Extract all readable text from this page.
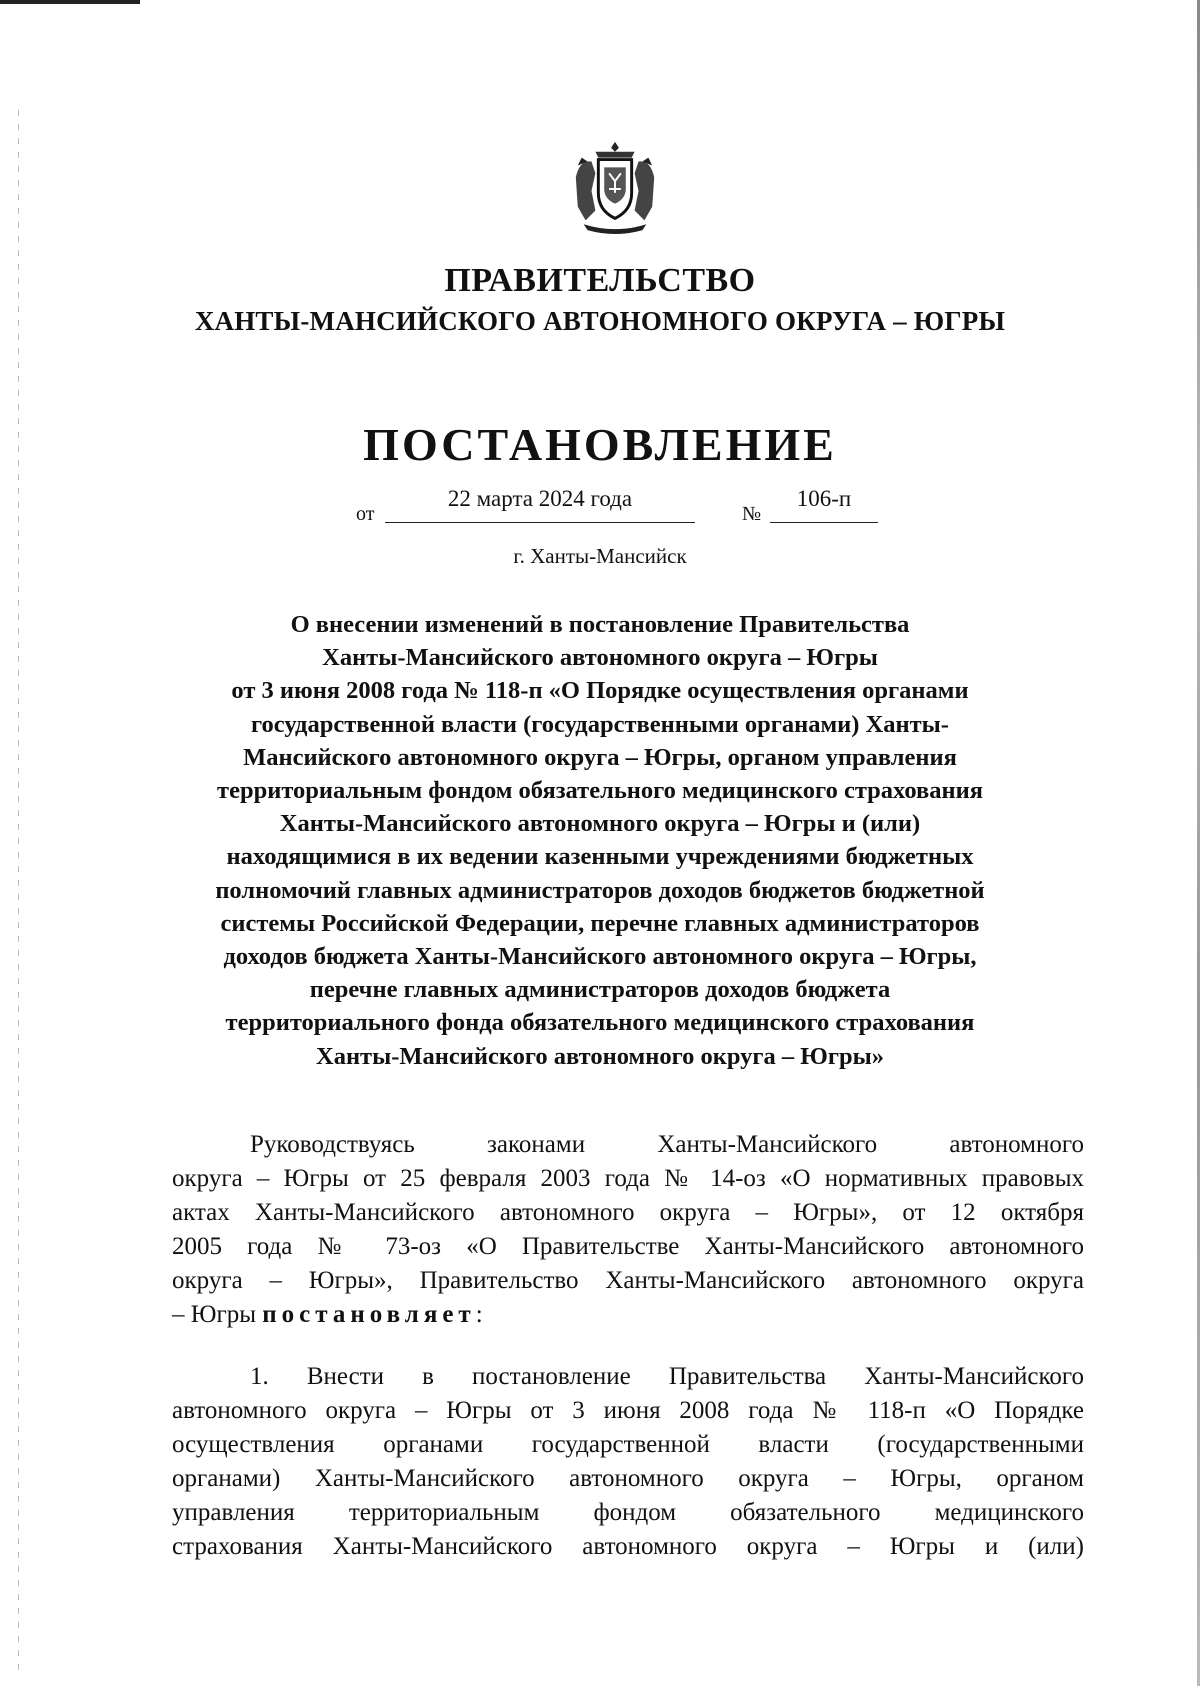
ПРАВИТЕЛЬСТВО
ХАНТЫ-МАНСИЙСКОГО АВТОНОМНОГО ОКРУГА – ЮГРЫ
ПОСТАНОВЛЕНИЕ
от
22 марта 2024 года
№
106-п
г. Ханты-Мансийск
О внесении изменений в постановление Правительства
Ханты-Мансийского автономного округа – Югры
от 3 июня 2008 года № 118-п «О Порядке осуществления органами
государственной власти (государственными органами) Ханты-
Мансийского автономного округа – Югры, органом управления
территориальным фондом обязательного медицинского страхования
Ханты-Мансийского автономного округа – Югры и (или)
находящимися в их ведении казенными учреждениями бюджетных
полномочий главных администраторов доходов бюджетов бюджетной
системы Российской Федерации, перечне главных администраторов
доходов бюджета Ханты-Мансийского автономного округа – Югры,
перечне главных администраторов доходов бюджета
территориального фонда обязательного медицинского страхования
Ханты-Мансийского автономного округа – Югры»
Руководствуясь законами Ханты-Мансийского автономного
округа – Югры от 25 февраля 2003 года № 14-оз «О нормативных правовых
актах Ханты-Мансийского автономного округа – Югры», от 12 октября
2005 года № 73-оз «О Правительстве Ханты-Мансийского автономного
округа – Югры», Правительство Ханты-Мансийского автономного округа
– Югры постановляет:
1. Внести в постановление Правительства Ханты-Мансийского
автономного округа – Югры от 3 июня 2008 года № 118-п «О Порядке
осуществления органами государственной власти (государственными
органами) Ханты-Мансийского автономного округа – Югры, органом
управления территориальным фондом обязательного медицинского
страхования Ханты-Мансийского автономного округа – Югры и (или)
